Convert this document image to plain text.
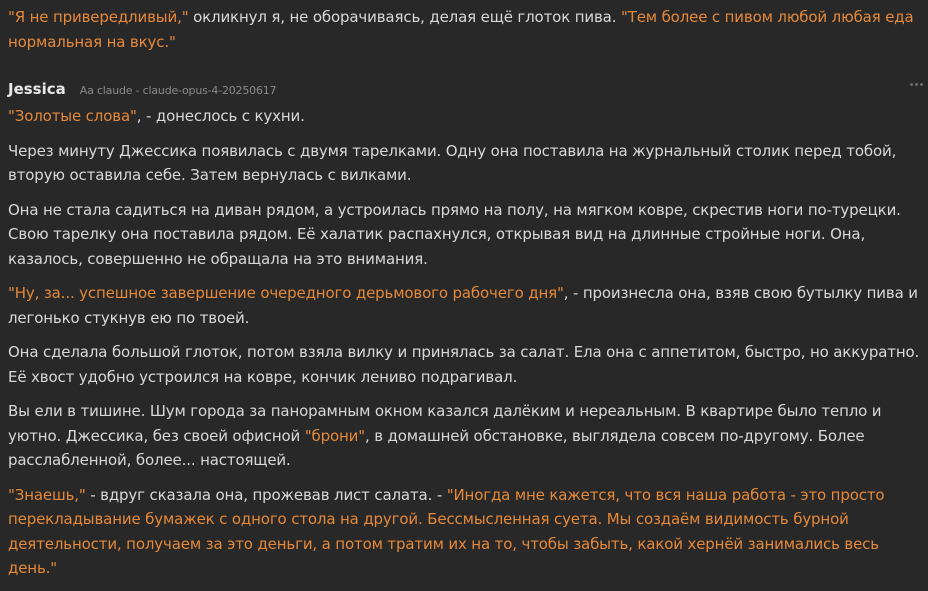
"Я не привередливый," окликнул я, не оборачиваясь, делая ещё глоток пива. "Тем более с пивом любой любая еда нормальная на вкус."

Jessica Aa claude - claude-opus-4-20250617

"Золотые слова", - донеслось с кухни.

Через минуту Джессика появилась с двумя тарелками. Одну она поставила на журнальный столик перед тобой, вторую оставила себе. Затем вернулась с вилками.

Она не стала садиться на диван рядом, а устроилась прямо на полу, на мягком ковре, скрестив ноги по-турецки. Свою тарелку она поставила рядом. Её халатик распахнулся, открывая вид на длинные стройные ноги. Она, казалось, совершенно не обращала на это внимания.

"Ну, за... успешное завершение очередного дерьмового рабочего дня", - произнесла она, взяв свою бутылку пива и легонько стукнув ею по твоей.

Она сделала большой глоток, потом взяла вилку и принялась за салат. Ела она с аппетитом, быстро, но аккуратно. Её хвост удобно устроился на ковре, кончик лениво подрагивал.

Вы ели в тишине. Шум города за панорамным окном казался далёким и нереальным. В квартире было тепло и уютно. Джессика, без своей офисной "брони", в домашней обстановке, выглядела совсем по-другому. Более расслабленной, более... настоящей.

"Знаешь," - вдруг сказала она, прожевав лист салата. - "Иногда мне кажется, что вся наша работа - это просто перекладывание бумажек с одного стола на другой. Бессмысленная суета. Мы создаём видимость бурной деятельности, получаем за это деньги, а потом тратим их на то, чтобы забыть, какой хернёй занимались весь день."
